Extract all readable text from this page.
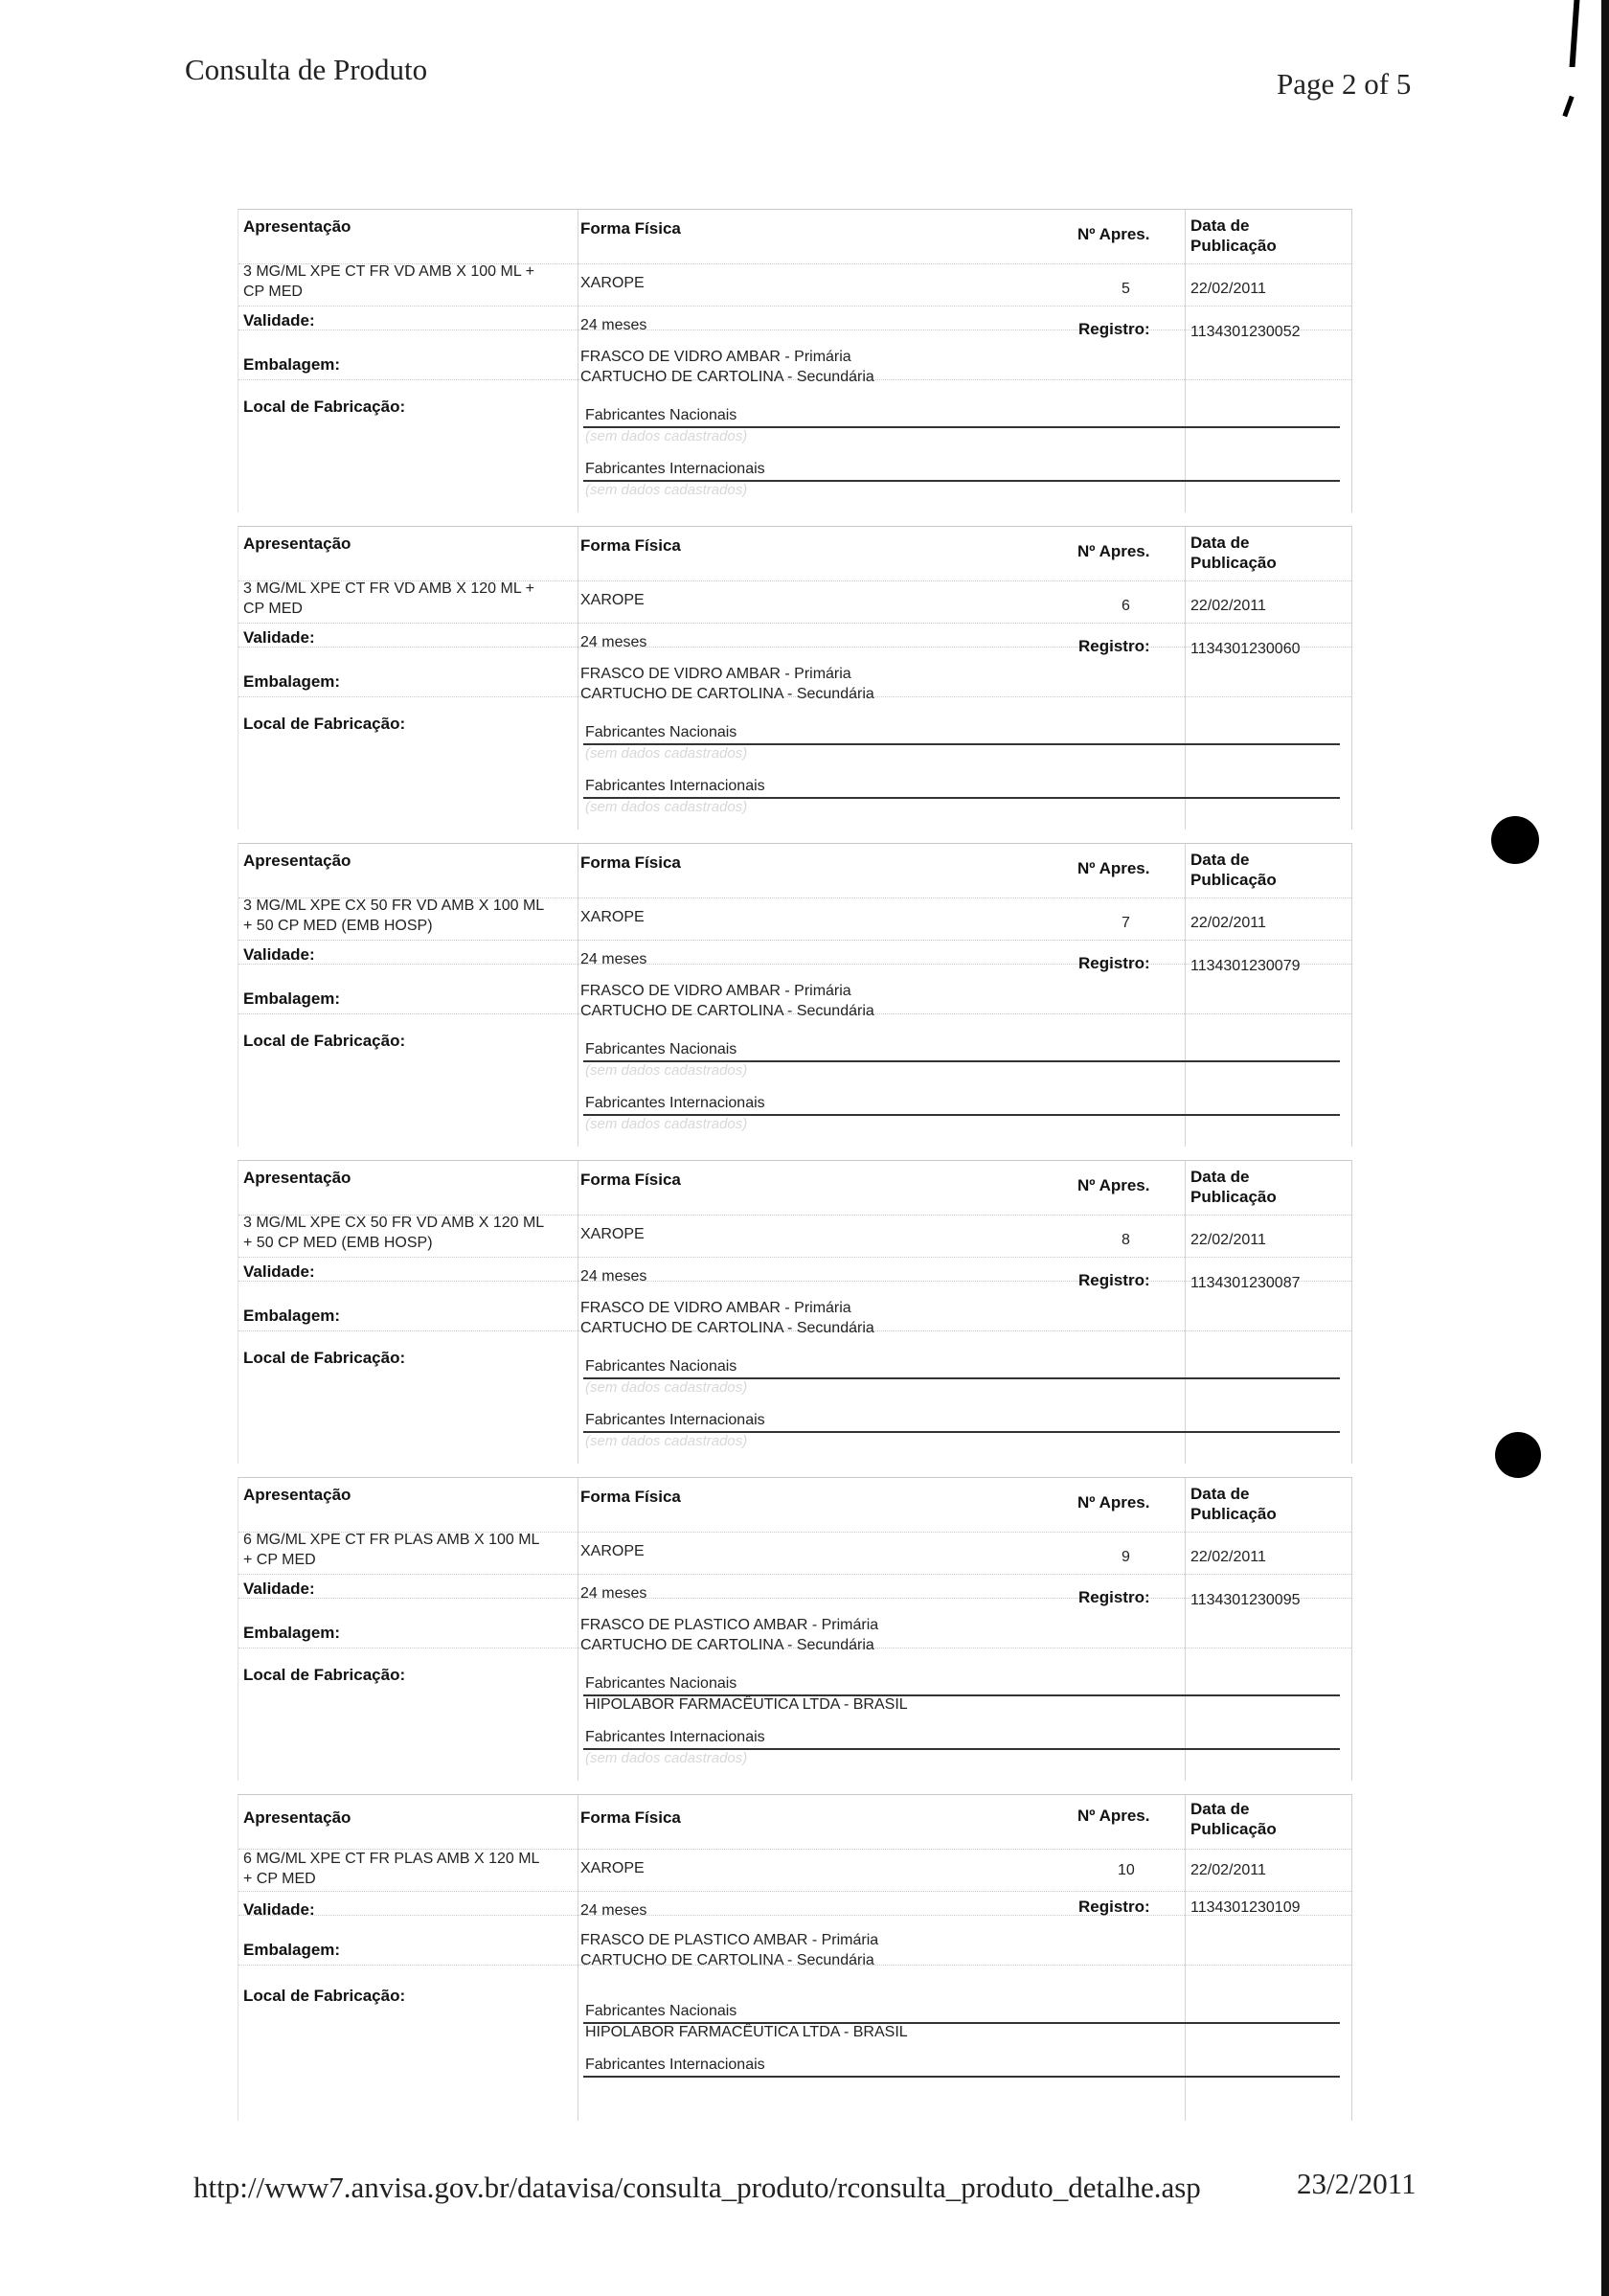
Consulta de Produto	Page 2 of 5
Apresentação	Forma Física	Nº Apres.	Data de
Publicação
3 MG/ML XPE CT FR VD AMB X 100 ML +
CP MED
XAROPE	5	22/02/2011
Validade:	24 meses	Registro:	1134301230052
Embalagem:	FRASCO DE VIDRO AMBAR - Primária
CARTUCHO DE CARTOLINA - Secundária
Local de Fabricação:	Fabricantes Nacionais
(sem dados cadastrados)
Fabricantes Internacionais
(sem dados cadastrados)
Apresentação	Forma Física	Nº Apres.	Data de
Publicação
3 MG/ML XPE CT FR VD AMB X 120 ML +
CP MED
XAROPE	6	22/02/2011
Validade:	24 meses	Registro:	1134301230060
Embalagem:	FRASCO DE VIDRO AMBAR - Primária
CARTUCHO DE CARTOLINA - Secundária
Local de Fabricação:	Fabricantes Nacionais
(sem dados cadastrados)
Fabricantes Internacionais
(sem dados cadastrados)
Apresentação	Forma Física	Nº Apres.	Data de
Publicação
3 MG/ML XPE CX 50 FR VD AMB X 100 ML
+ 50 CP MED (EMB HOSP)
XAROPE	7	22/02/2011
Validade:	24 meses	Registro:	1134301230079
Embalagem:	FRASCO DE VIDRO AMBAR - Primária
CARTUCHO DE CARTOLINA - Secundária
Local de Fabricação:	Fabricantes Nacionais
(sem dados cadastrados)
Fabricantes Internacionais
(sem dados cadastrados)
Apresentação	Forma Física	Nº Apres.	Data de
Publicação
3 MG/ML XPE CX 50 FR VD AMB X 120 ML
+ 50 CP MED (EMB HOSP)
XAROPE	8	22/02/2011
Validade:	24 meses	Registro:	1134301230087
Embalagem:	FRASCO DE VIDRO AMBAR - Primária
CARTUCHO DE CARTOLINA - Secundária
Local de Fabricação:	Fabricantes Nacionais
(sem dados cadastrados)
Fabricantes Internacionais
(sem dados cadastrados)
Apresentação	Forma Física	Nº Apres.	Data de
Publicação
6 MG/ML XPE CT FR PLAS AMB X 100 ML
+ CP MED
XAROPE	9	22/02/2011
Validade:	24 meses	Registro:	1134301230095
Embalagem:	FRASCO DE PLASTICO AMBAR - Primária
CARTUCHO DE CARTOLINA - Secundária
Local de Fabricação:	Fabricantes Nacionais
HIPOLABOR FARMACÊUTICA LTDA - BRASIL
Fabricantes Internacionais
(sem dados cadastrados)
Apresentação	Forma Física	Nº Apres.	Data de
Publicação
6 MG/ML XPE CT FR PLAS AMB X 120 ML
+ CP MED
XAROPE	10	22/02/2011
Validade:	24 meses	Registro:	1134301230109
Embalagem:
FRASCO DE PLASTICO AMBAR - Primária
CARTUCHO DE CARTOLINA - Secundária
Local de Fabricação:
Fabricantes Nacionais
HIPOLABOR FARMACÊUTICA LTDA - BRASIL
Fabricantes Internacionais
http://www7.anvisa.gov.br/datavisa/consulta_produto/rconsulta_produto_detalhe.asp	23/2/2011
